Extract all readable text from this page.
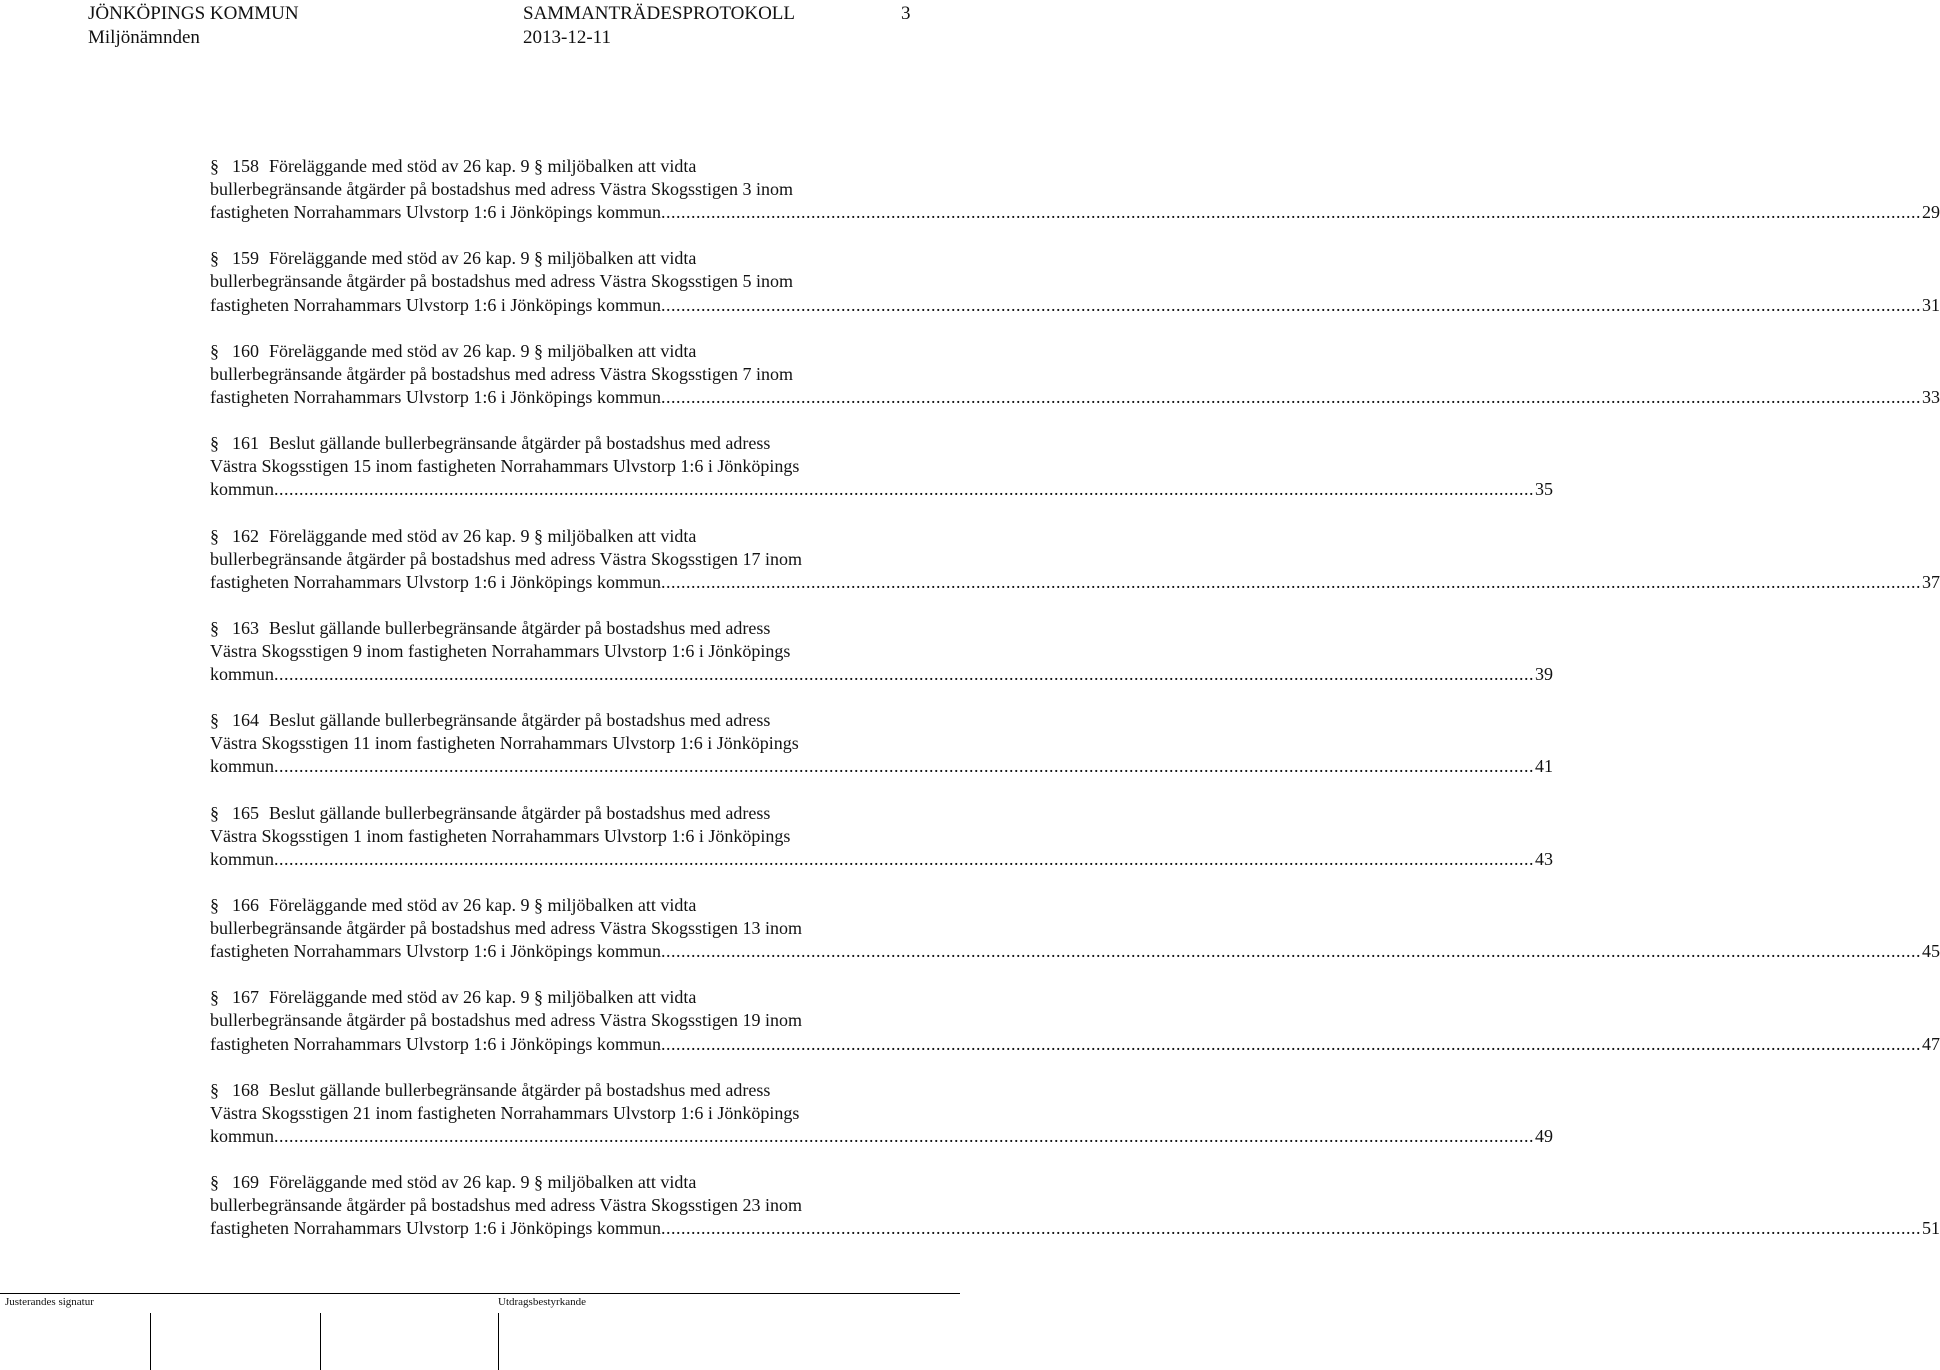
JÖNKÖPINGS KOMMUN	SAMMANTRÄDESPROTOKOLL	3
Miljönämnden	2013-12-11
§ 158 Föreläggande med stöd av 26 kap. 9 § miljöbalken att vidta
bullerbegränsande åtgärder på bostadshus med adress Västra Skogsstigen 3 inom
fastigheten Norrahammars Ulvstorp 1:6 i Jönköpings kommun .....	29
§ 159 Föreläggande med stöd av 26 kap. 9 § miljöbalken att vidta
bullerbegränsande åtgärder på bostadshus med adress Västra Skogsstigen 5 inom
fastigheten Norrahammars Ulvstorp 1:6 i Jönköpings kommun .....	31
§ 160 Föreläggande med stöd av 26 kap. 9 § miljöbalken att vidta
bullerbegränsande åtgärder på bostadshus med adress Västra Skogsstigen 7 inom
fastigheten Norrahammars Ulvstorp 1:6 i Jönköpings kommun .....	33
§ 161 Beslut gällande bullerbegränsande åtgärder på bostadshus med adress
Västra Skogsstigen 15 inom fastigheten Norrahammars Ulvstorp 1:6 i Jönköpings
kommun .....	35
§ 162 Föreläggande med stöd av 26 kap. 9 § miljöbalken att vidta
bullerbegränsande åtgärder på bostadshus med adress Västra Skogsstigen 17 inom
fastigheten Norrahammars Ulvstorp 1:6 i Jönköpings kommun .....	37
§ 163 Beslut gällande bullerbegränsande åtgärder på bostadshus med adress
Västra Skogsstigen 9 inom fastigheten Norrahammars Ulvstorp 1:6 i Jönköpings
kommun .....	39
§ 164 Beslut gällande bullerbegränsande åtgärder på bostadshus med adress
Västra Skogsstigen 11 inom fastigheten Norrahammars Ulvstorp 1:6 i Jönköpings
kommun .....	41
§ 165 Beslut gällande bullerbegränsande åtgärder på bostadshus med adress
Västra Skogsstigen 1 inom fastigheten Norrahammars Ulvstorp 1:6 i Jönköpings
kommun .....	43
§ 166 Föreläggande med stöd av 26 kap. 9 § miljöbalken att vidta
bullerbegränsande åtgärder på bostadshus med adress Västra Skogsstigen 13 inom
fastigheten Norrahammars Ulvstorp 1:6 i Jönköpings kommun .....	45
§ 167 Föreläggande med stöd av 26 kap. 9 § miljöbalken att vidta
bullerbegränsande åtgärder på bostadshus med adress Västra Skogsstigen 19 inom
fastigheten Norrahammars Ulvstorp 1:6 i Jönköpings kommun .....	47
§ 168 Beslut gällande bullerbegränsande åtgärder på bostadshus med adress
Västra Skogsstigen 21 inom fastigheten Norrahammars Ulvstorp 1:6 i Jönköpings
kommun .....	49
§ 169 Föreläggande med stöd av 26 kap. 9 § miljöbalken att vidta
bullerbegränsande åtgärder på bostadshus med adress Västra Skogsstigen 23 inom
fastigheten Norrahammars Ulvstorp 1:6 i Jönköpings kommun .....	51
Justerandes signatur	Utdragsbestyrkande
